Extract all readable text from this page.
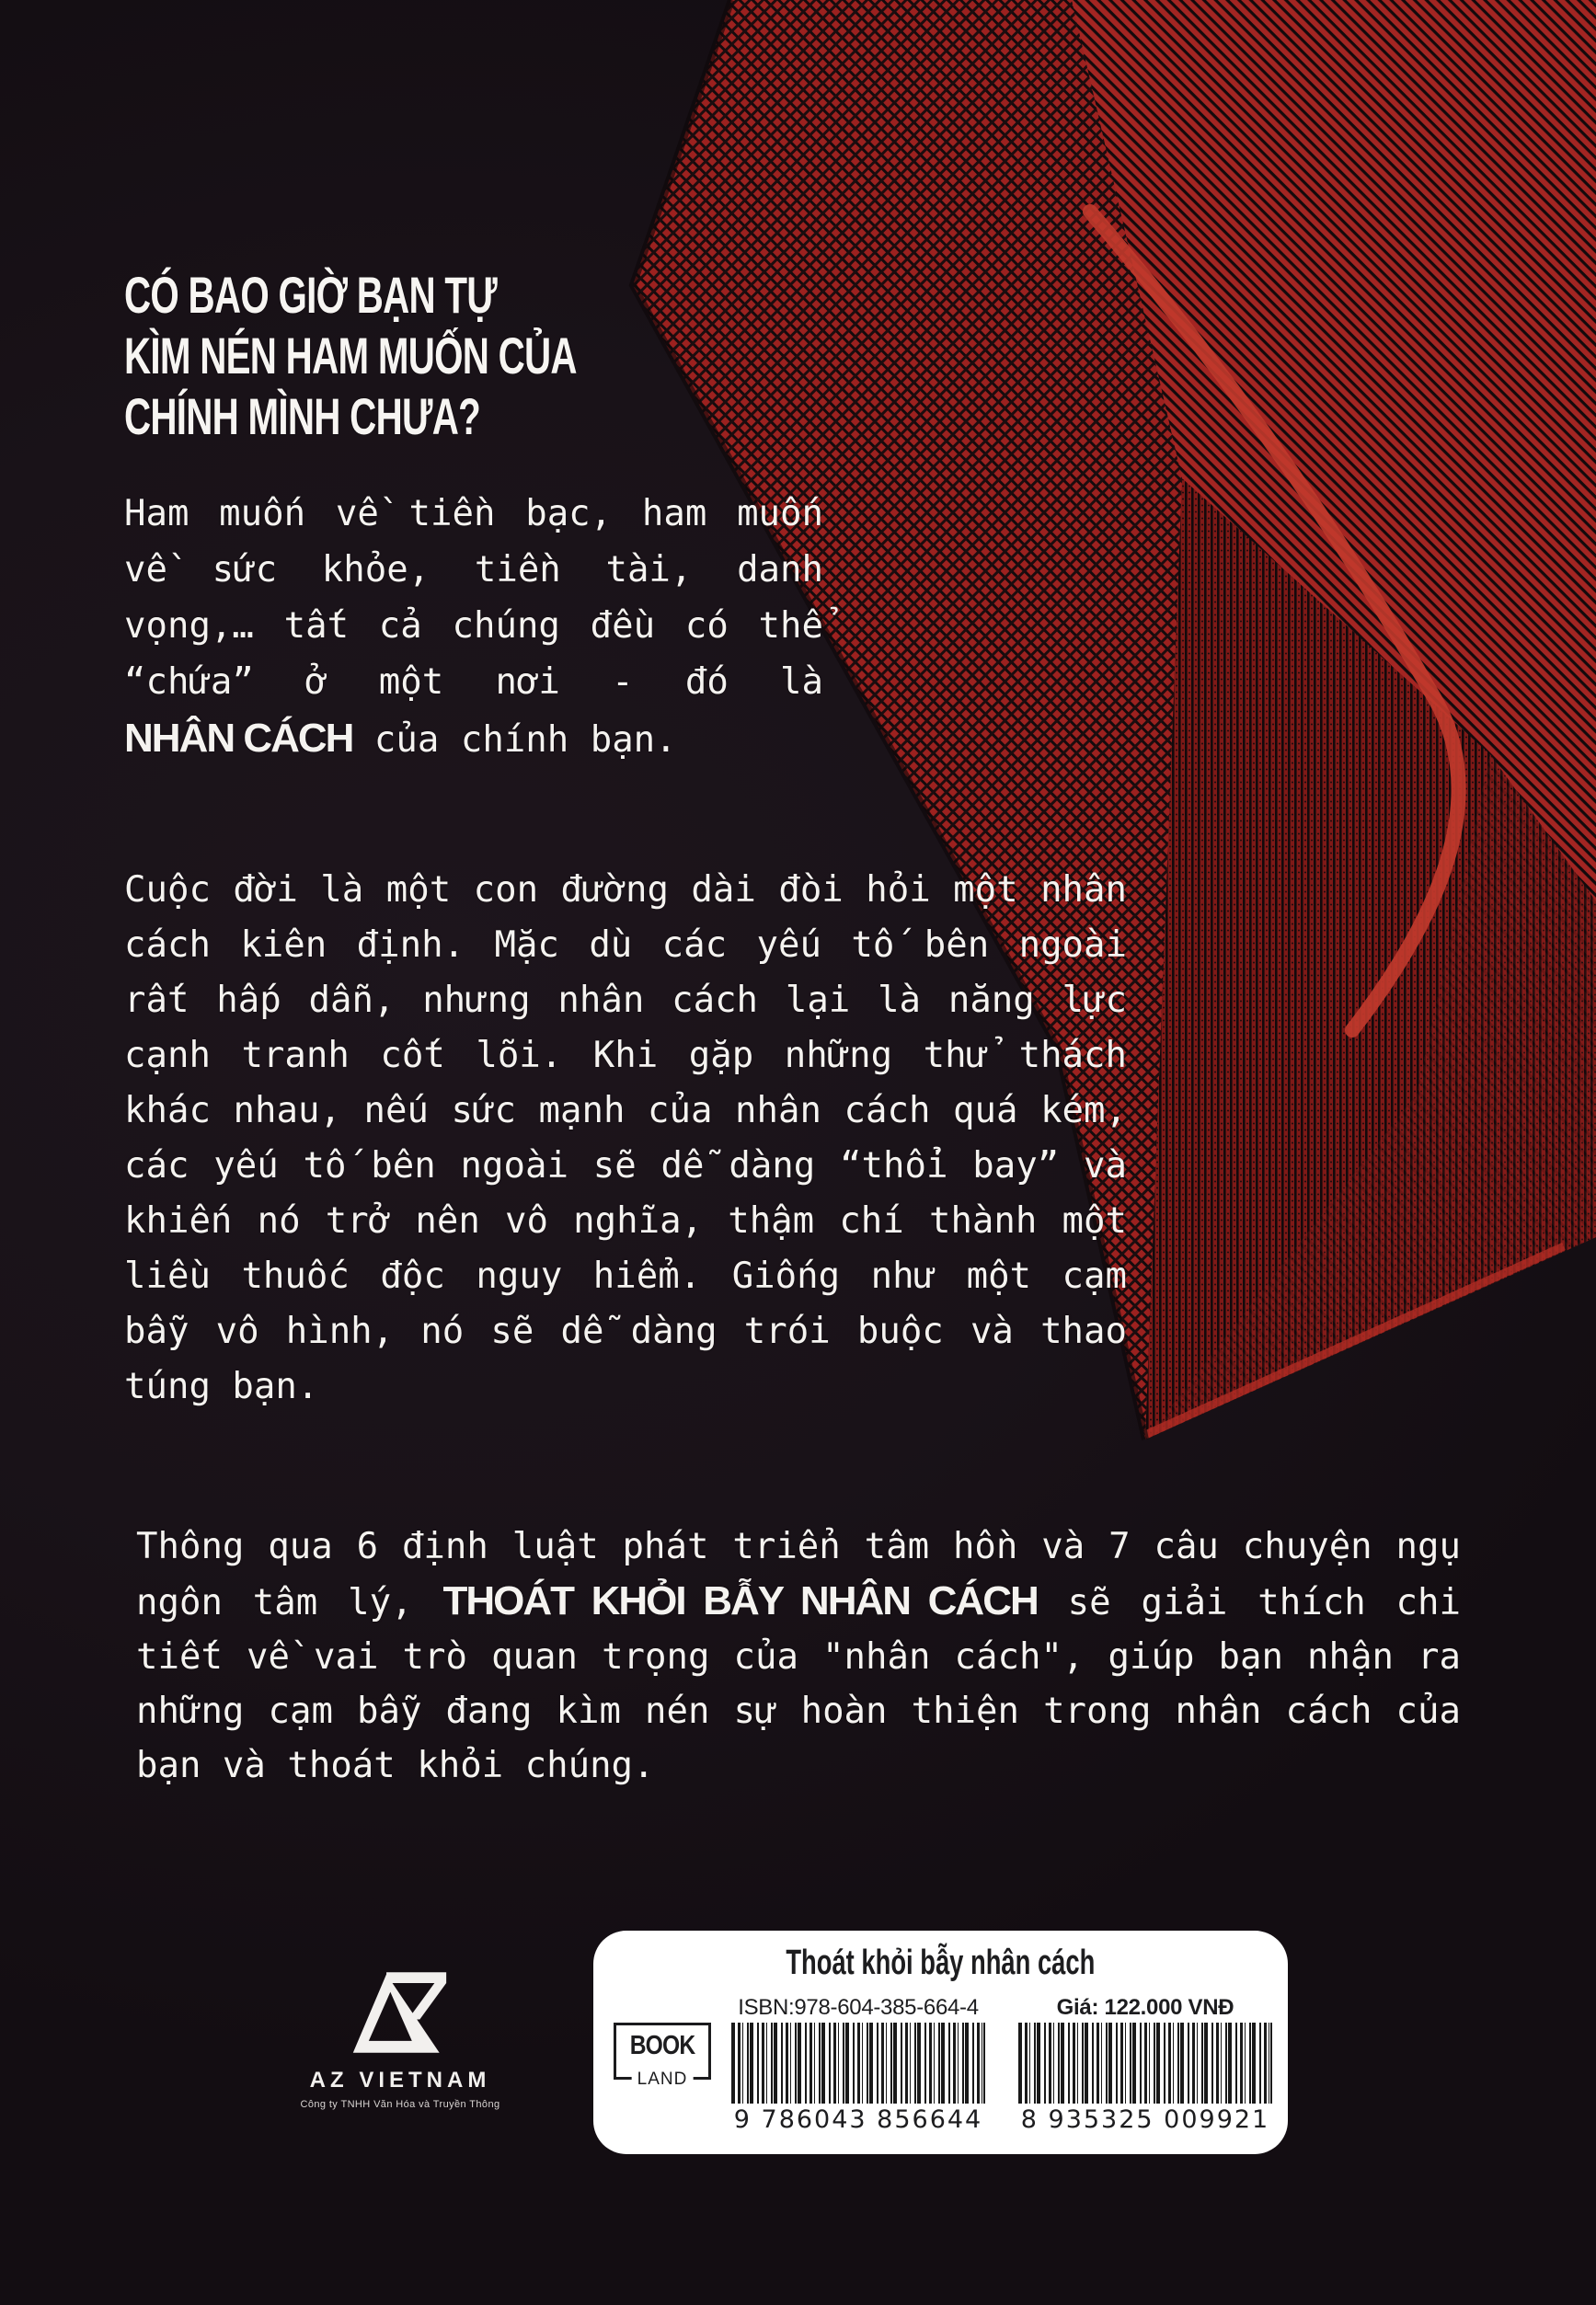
CÓ BAO GIỜ BẠN TỰ
KÌM NÉN HAM MUỐN CỦA
CHÍNH MÌNH CHƯA?
Ham muốn về tiền bạc, ham muốn về sức khỏe, tiền tài, danh vọng,… tất cả chúng đều có thể “chứa” ở một nơi - đó là NHÂN CÁCH của chính bạn.
Cuộc đời là một con đường dài đòi hỏi một nhân cách kiên định. Mặc dù các yếu tố bên ngoài rất hấp dẫn, nhưng nhân cách lại là năng lực cạnh tranh cốt lõi. Khi gặp những thử thách khác nhau, nếu sức mạnh của nhân cách quá kém, các yếu tố bên ngoài sẽ dễ dàng “thổi bay” và khiến nó trở nên vô nghĩa, thậm chí thành một liều thuốc độc nguy hiểm. Giống như một cạm bẫy vô hình, nó sẽ dễ dàng trói buộc và thao túng bạn.
Thông qua 6 định luật phát triển tâm hồn và 7 câu chuyện ngụ ngôn tâm lý, THOÁT KHỎI BẪY NHÂN CÁCH sẽ giải thích chi tiết về vai trò quan trọng của "nhân cách", giúp bạn nhận ra những cạm bẫy đang kìm nén sự hoàn thiện trong nhân cách của bạn và thoát khỏi chúng.
AZ VIETNAM
Công ty TNHH Văn Hóa và Truyền Thông
Thoát khỏi bẫy nhân cách
BOOK
LAND
ISBN:978-604-385-664-4
9 786043 856644
Giá: 122.000 VNĐ
8 935325 009921
